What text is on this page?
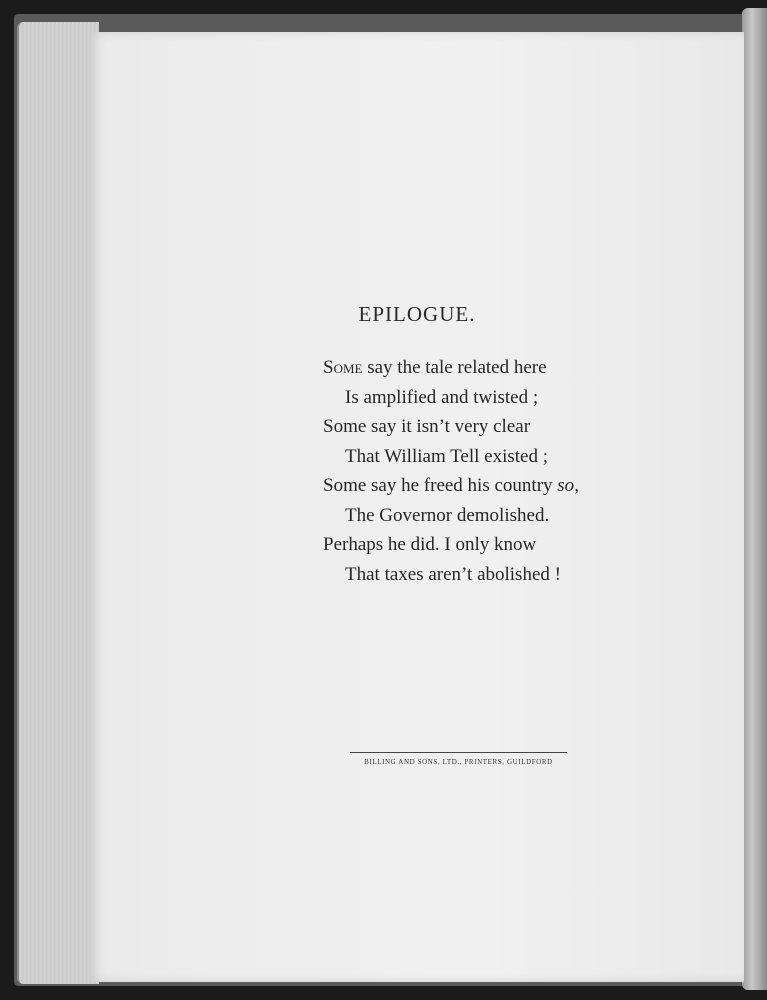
EPILOGUE.
Some say the tale related here
Is amplified and twisted ;
Some say it isn’t very clear
That William Tell existed ;
Some say he freed his country so,
The Governor demolished.
Perhaps he did. I only know
That taxes aren’t abolished !
BILLING AND SONS, LTD., PRINTERS, GUILDFORD
